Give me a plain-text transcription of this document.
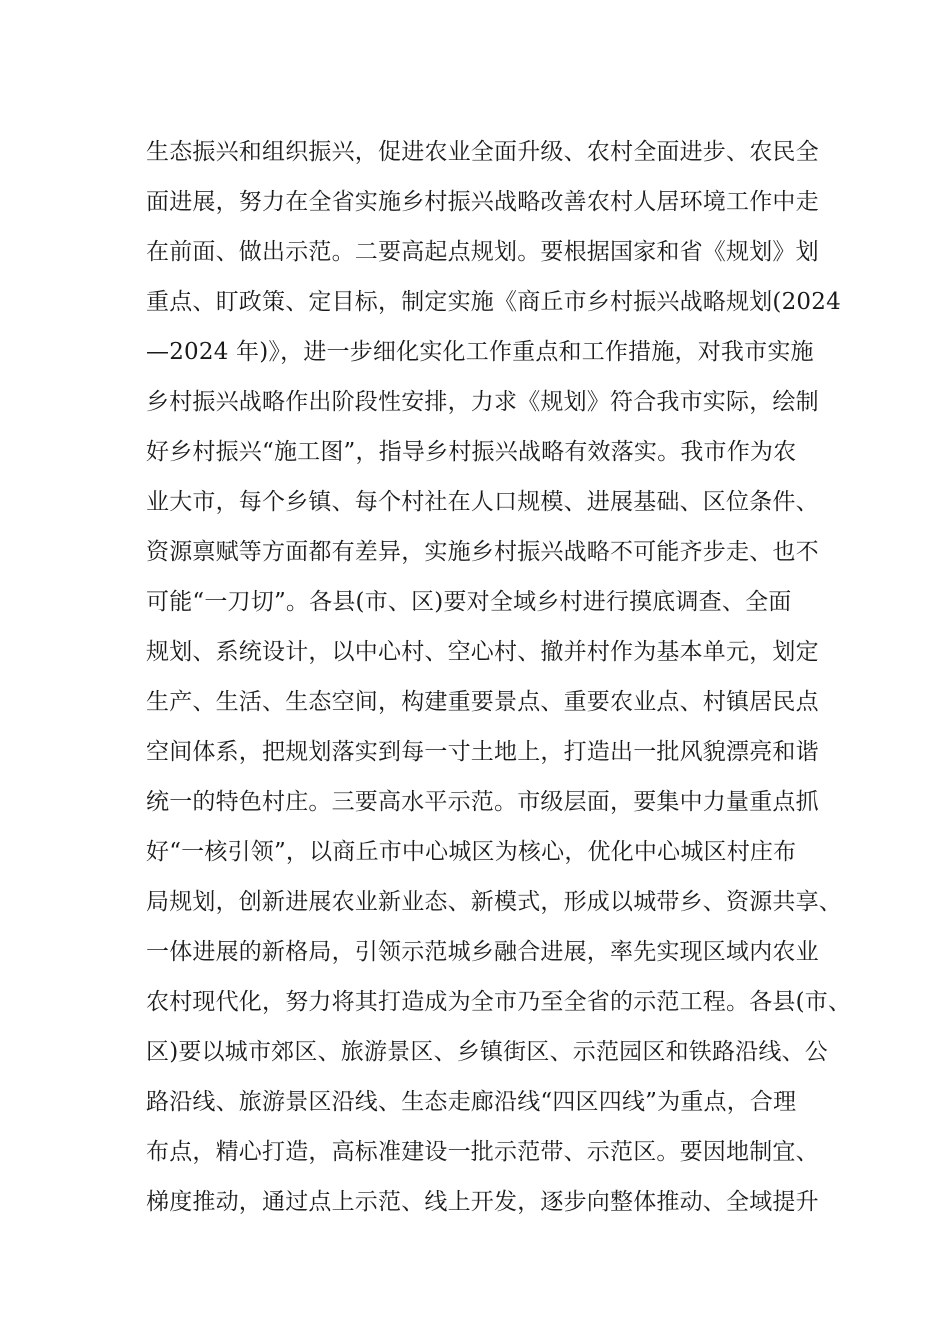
生态振兴和组织振兴，促进农业全面升级、农村全面进步、农民全
面进展，努力在全省实施乡村振兴战略改善农村人居环境工作中走
在前面、做出示范。二要高起点规划。要根据国家和省《规划》划
重点、盯政策、定目标，制定实施《商丘市乡村振兴战略规划(2024
—2024 年)》，进一步细化实化工作重点和工作措施，对我市实施
乡村振兴战略作出阶段性安排，力求《规划》符合我市实际，绘制
好乡村振兴“施工图”，指导乡村振兴战略有效落实。我市作为农
业大市，每个乡镇、每个村社在人口规模、进展基础、区位条件、
资源禀赋等方面都有差异，实施乡村振兴战略不可能齐步走、也不
可能“一刀切”。各县(市、区)要对全域乡村进行摸底调查、全面
规划、系统设计，以中心村、空心村、撤并村作为基本单元，划定
生产、生活、生态空间，构建重要景点、重要农业点、村镇居民点
空间体系，把规划落实到每一寸土地上，打造出一批风貌漂亮和谐
统一的特色村庄。三要高水平示范。市级层面，要集中力量重点抓
好“一核引领”，以商丘市中心城区为核心，优化中心城区村庄布
局规划，创新进展农业新业态、新模式，形成以城带乡、资源共享、
一体进展的新格局，引领示范城乡融合进展，率先实现区域内农业
农村现代化，努力将其打造成为全市乃至全省的示范工程。各县(市、
区)要以城市郊区、旅游景区、乡镇街区、示范园区和铁路沿线、公
路沿线、旅游景区沿线、生态走廊沿线“四区四线”为重点，合理
布点，精心打造，高标准建设一批示范带、示范区。要因地制宜、
梯度推动，通过点上示范、线上开发，逐步向整体推动、全域提升
